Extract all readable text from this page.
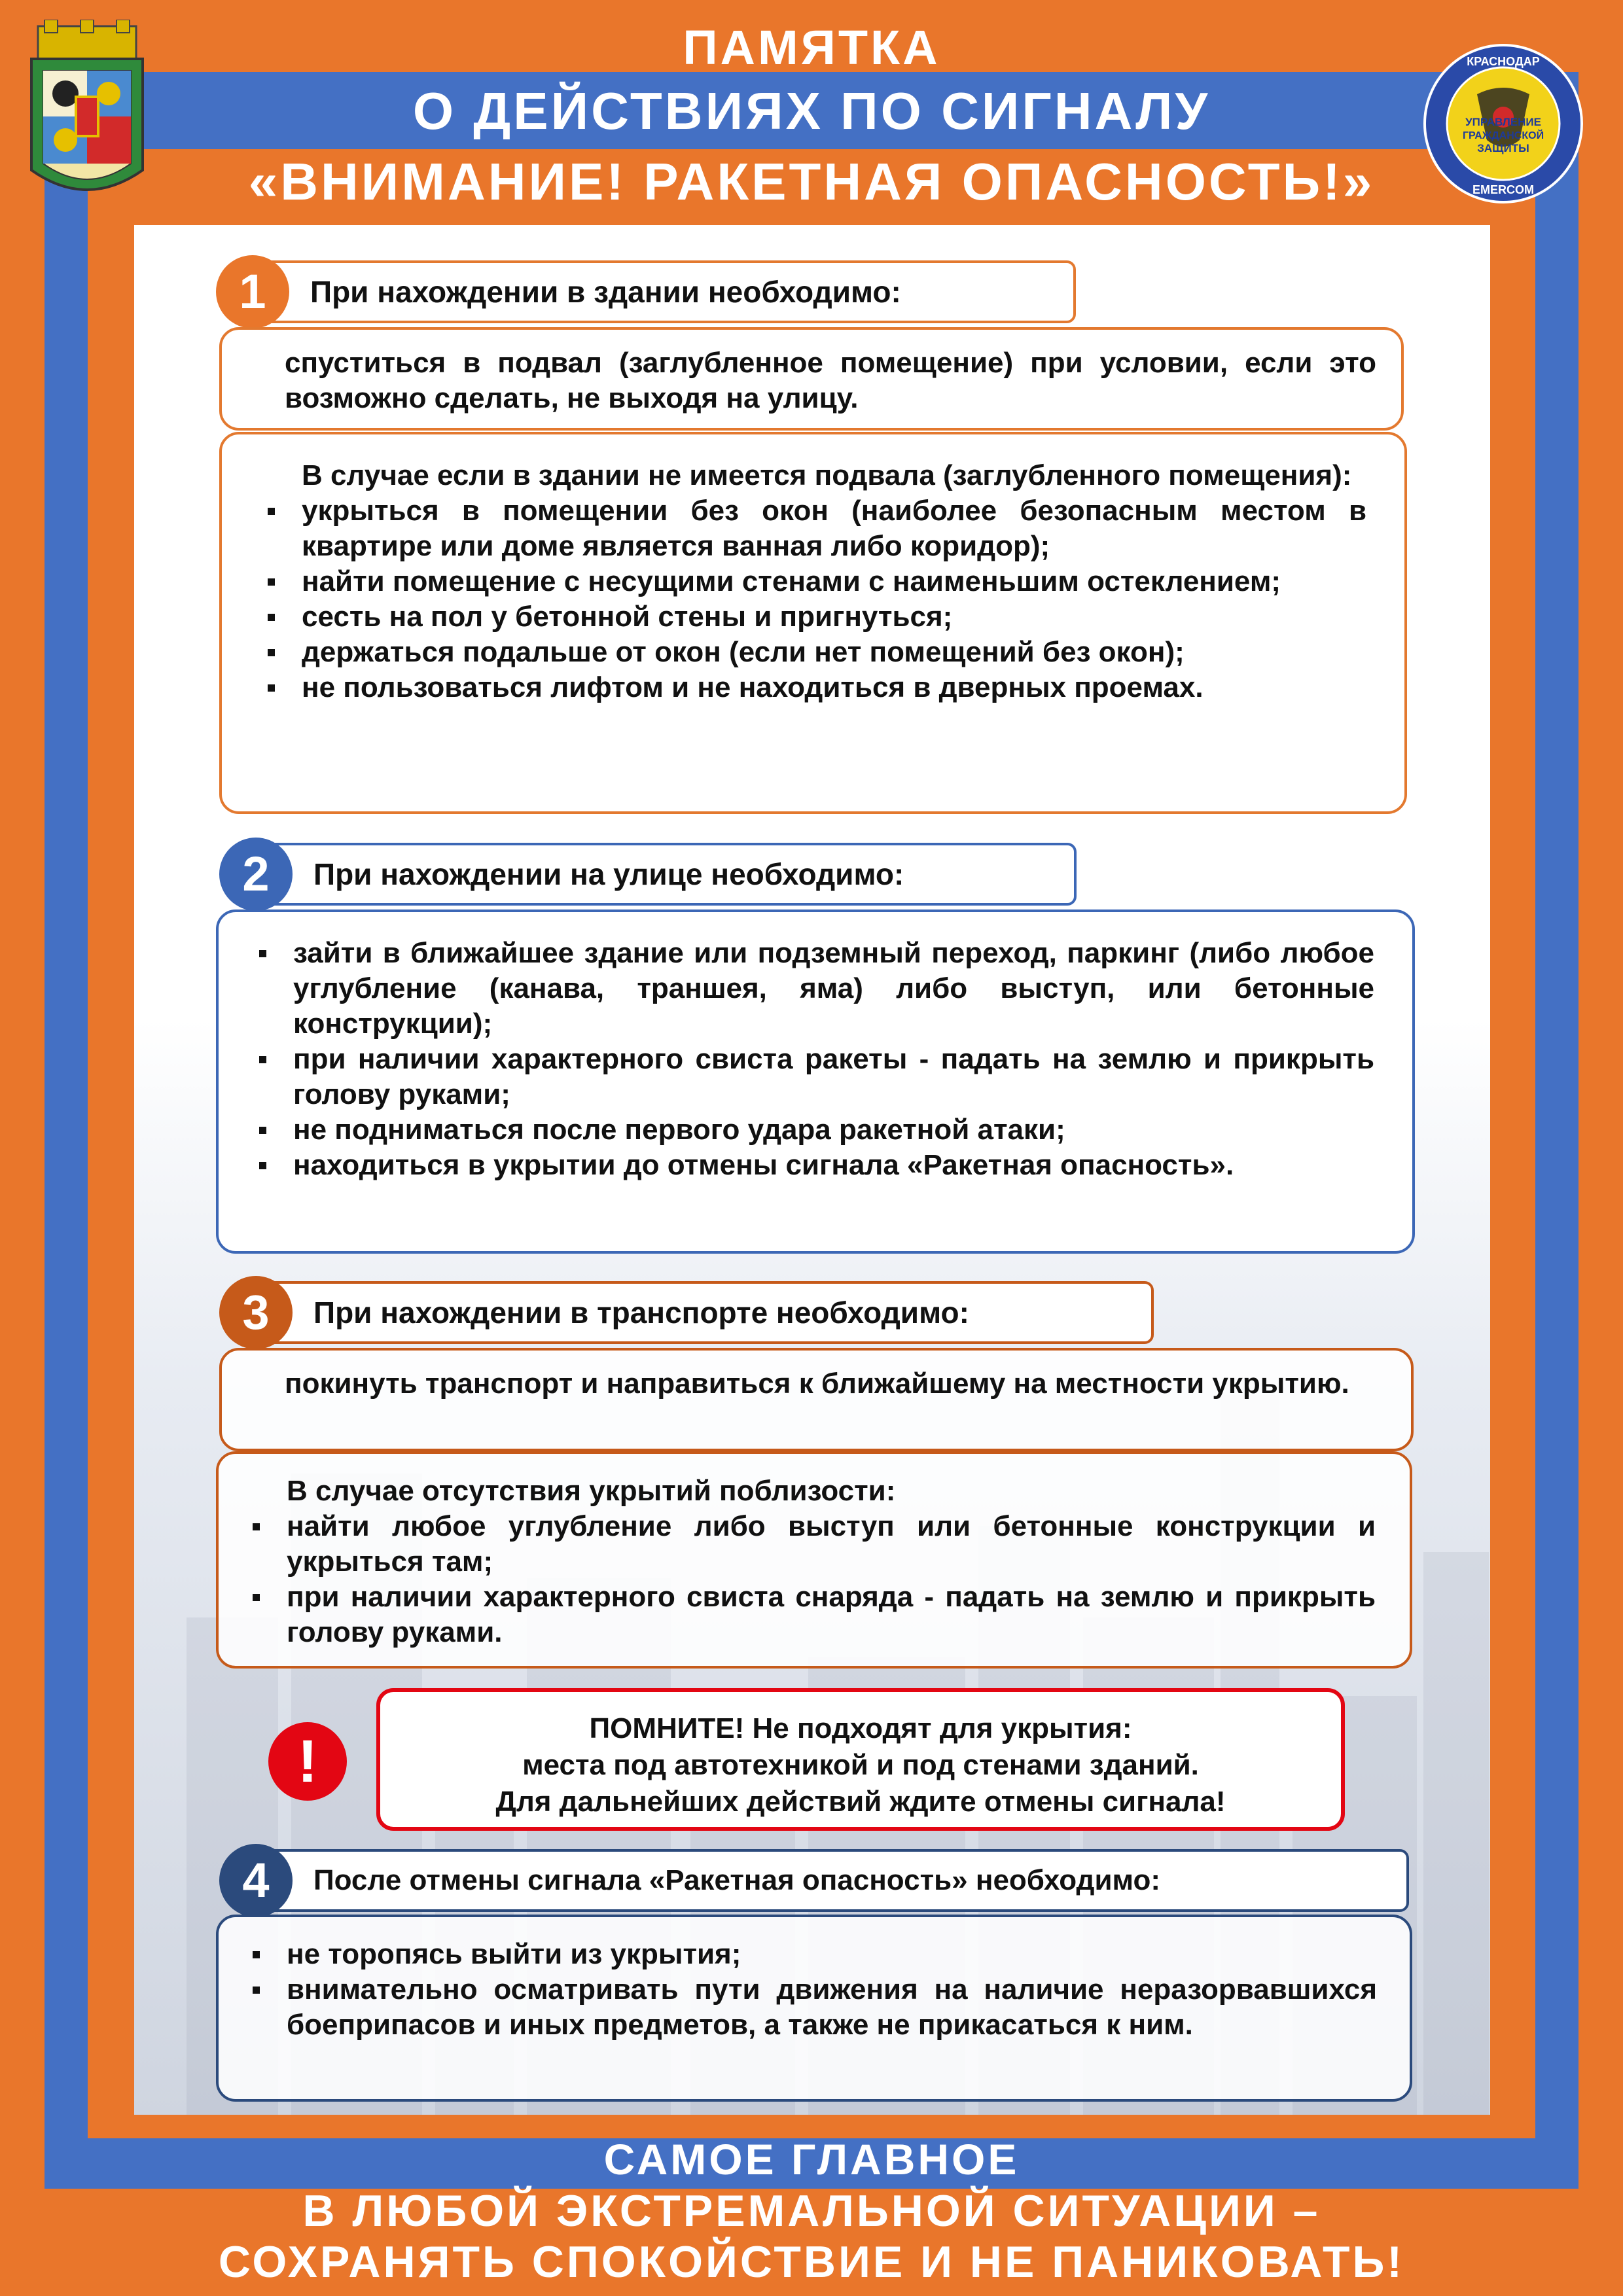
КРАСНОДАР
EMERCOM
УПРАВЛЕНИЕ
ГРАЖДАНСКОЙ
ЗАЩИТЫ
ПАМЯТКА
О ДЕЙСТВИЯХ ПО СИГНАЛУ
«ВНИМАНИЕ! РАКЕТНАЯ ОПАСНОСТЬ!»
При нахождении в здании необходимо:
1

спуститься в подвал (заглубленное помещение) при условии, если это возможно сделать, не выходя на улицу.

В случае если в здании не имеется подвала (заглубленного помещения):

укрыться в помещении без окон (наиболее безопасным местом в квартире или доме является ванная либо коридор);
найти помещение с несущими стенами с наименьшим остеклением;
сесть на пол у бетонной стены и пригнуться;
держаться подальше от окон (если нет помещений без окон);
не пользоваться лифтом и не находиться в дверных проемах.
При нахождении на улице необходимо:
2
зайти в ближайшее здание или подземный переход, паркинг (либо любое углубление (канава, траншея, яма) либо выступ, или бетонные конструкции);
при наличии характерного свиста ракеты - падать на землю и прикрыть голову руками;
не подниматься после первого удара ракетной атаки;
находиться в укрытии до отмены сигнала «Ракетная опасность».
При нахождении в транспорте необходимо:
3

покинуть транспорт и направиться к ближайшему на местности укрытию.

В случае отсутствия укрытий поблизости:

найти любое углубление либо выступ или бетонные конструкции и укрыться там;
при наличии характерного свиста снаряда - падать на землю и прикрыть голову руками.
!	ПОМНИТЕ! Не подходят для укрытия:
места под автотехникой и под стенами зданий.
Для дальнейших действий ждите отмены сигнала!
После отмены сигнала «Ракетная опасность» необходимо:
4
не торопясь выйти из укрытия;
внимательно осматривать пути движения на наличие неразорвавшихся боеприпасов и иных предметов, а также не прикасаться к ним.
САМОЕ ГЛАВНОЕ
В ЛЮБОЙ ЭКСТРЕМАЛЬНОЙ СИТУАЦИИ –
СОХРАНЯТЬ СПОКОЙСТВИЕ И НЕ ПАНИКОВАТЬ!
